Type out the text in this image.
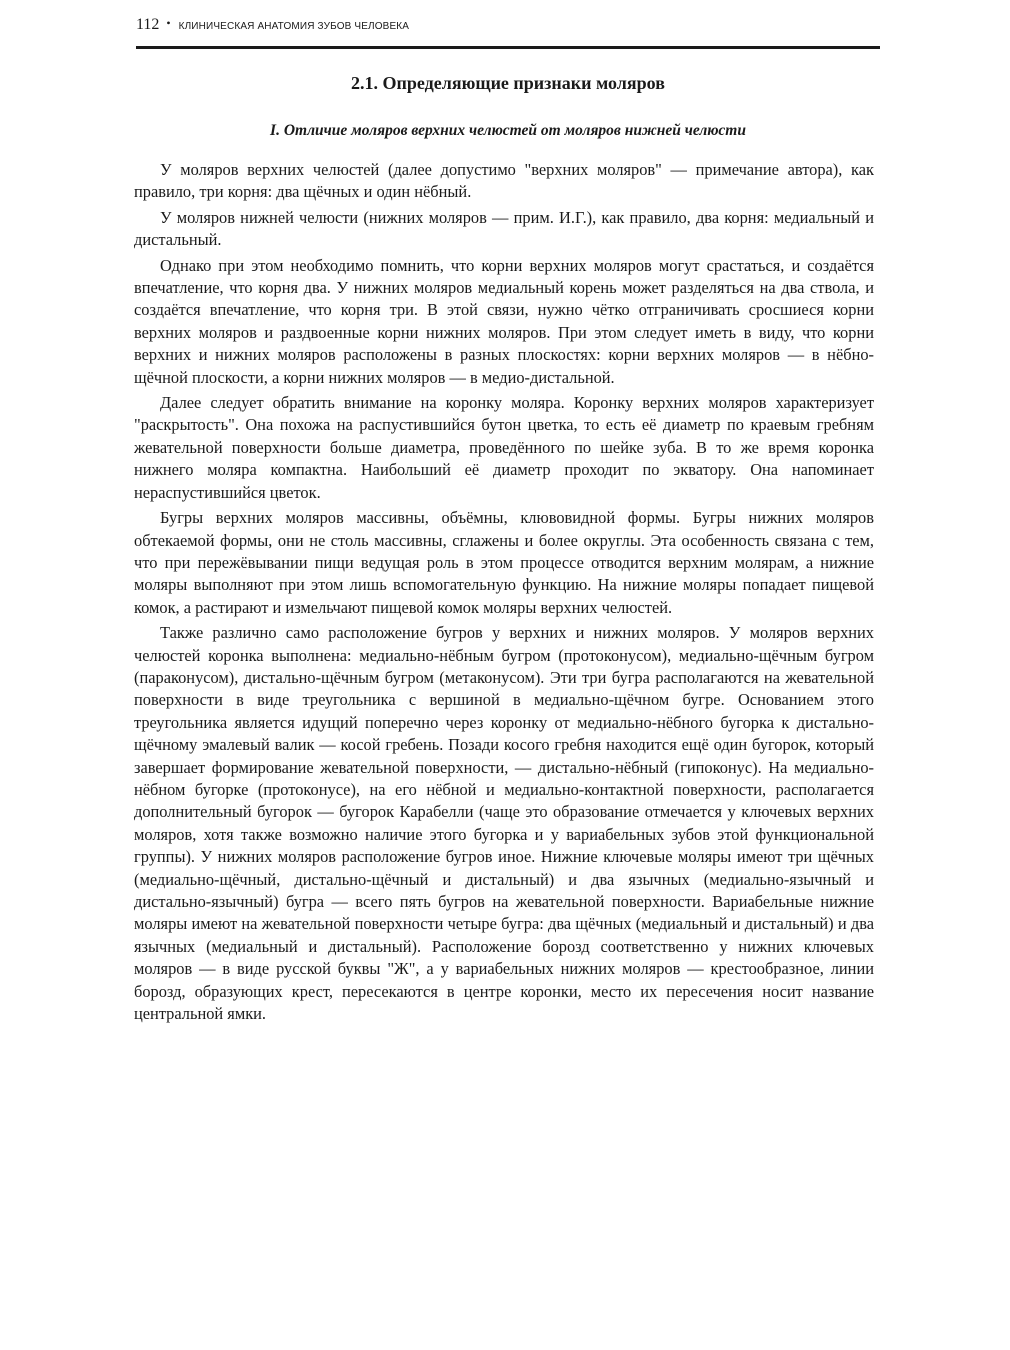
112 • КЛИНИЧЕСКАЯ АНАТОМИЯ ЗУБОВ ЧЕЛОВЕКА
2.1. Определяющие признаки моляров
I. Отличие моляров верхних челюстей от моляров нижней челюсти

У моляров верхних челюстей (далее допустимо "верхних моляров" — примечание автора), как правило, три корня: два щёчных и один нёбный.

У моляров нижней челюсти (нижних моляров — прим. И.Г.), как правило, два корня: медиальный и дистальный.

Однако при этом необходимо помнить, что корни верхних моляров могут срастаться, и создаётся впечатление, что корня два. У нижних моляров медиальный корень может разделяться на два ствола, и создаётся впечатление, что корня три. В этой связи, нужно чётко отграничивать сросшиеся корни верхних моляров и раздвоенные корни нижних моляров. При этом следует иметь в виду, что корни верхних и нижних моляров расположены в разных плоскостях: корни верхних моляров — в нёбно-щёчной плоскости, а корни нижних моляров — в медио-дистальной.

Далее следует обратить внимание на коронку моляра. Коронку верхних моляров характеризует "раскрытость". Она похожа на распустившийся бутон цветка, то есть её диаметр по краевым гребням жевательной поверхности больше диаметра, проведённого по шейке зуба. В то же время коронка нижнего моляра компактна. Наибольший её диаметр проходит по экватору. Она напоминает нераспустившийся цветок.

Бугры верхних моляров массивны, объёмны, клювовидной формы. Бугры нижних моляров обтекаемой формы, они не столь массивны, сглажены и более округлы. Эта особенность связана с тем, что при пережёвывании пищи ведущая роль в этом процессе отводится верхним молярам, а нижние моляры выполняют при этом лишь вспомогательную функцию. На нижние моляры попадает пищевой комок, а растирают и измельчают пищевой комок моляры верхних челюстей.

Также различно само расположение бугров у верхних и нижних моляров. У моляров верхних челюстей коронка выполнена: медиально-нёбным бугром (протоконусом), медиально-щёчным бугром (параконусом), дистально-щёчным бугром (метаконусом). Эти три бугра располагаются на жевательной поверхности в виде треугольника с вершиной в медиально-щёчном бугре. Основанием этого треугольника является идущий поперечно через коронку от медиально-нёбного бугорка к дистально-щёчному эмалевый валик — косой гребень. Позади косого гребня находится ещё один бугорок, который завершает формирование жевательной поверхности, — дистально-нёбный (гипоконус). На медиально-нёбном бугорке (протоконусе), на его нёбной и медиально-контактной поверхности, располагается дополнительный бугорок — бугорок Карабелли (чаще это образование отмечается у ключевых верхних моляров, хотя также возможно наличие этого бугорка и у вариабельных зубов этой функциональной группы). У нижних моляров расположение бугров иное. Нижние ключевые моляры имеют три щёчных (медиально-щёчный, дистально-щёчный и дистальный) и два язычных (медиально-язычный и дистально-язычный) бугра — всего пять бугров на жевательной поверхности. Вариабельные нижние моляры имеют на жевательной поверхности четыре бугра: два щёчных (медиальный и дистальный) и два язычных (медиальный и дистальный). Расположение борозд соответственно у нижних ключевых моляров — в виде русской буквы "Ж", а у вариабельных нижних моляров — крестообразное, линии борозд, образующих крест, пересекаются в центре коронки, место их пересечения носит название центральной ямки.
